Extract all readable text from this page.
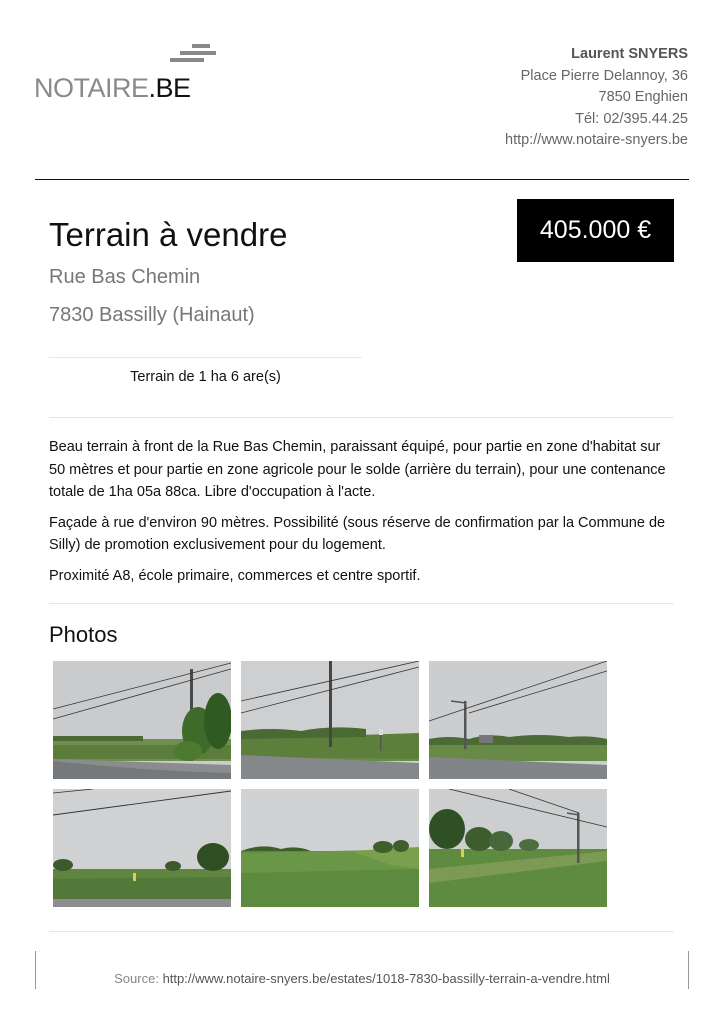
NOTAIRE.BE
Laurent SNYERS
Place Pierre Delannoy, 36
7850 Enghien
Tél: 02/395.44.25
http://www.notaire-snyers.be
Terrain à vendre
Rue Bas Chemin
7830 Bassilly (Hainaut)
405.000 €
Terrain de 1 ha 6 are(s)

Beau terrain à front de la Rue Bas Chemin, paraissant équipé, pour partie en zone d'habitat sur 50 mètres et pour partie en zone agricole pour le solde (arrière du terrain), pour une contenance totale de 1ha 05a 88ca. Libre d'occupation à l'acte.

Façade à rue d'environ 90 mètres. Possibilité (sous réserve de confirmation par la Commune de Silly) de promotion exclusivement pour du logement.

Proximité A8, école primaire, commerces et centre sportif.

Photos
Source: http://www.notaire-snyers.be/estates/1018-7830-bassilly-terrain-a-vendre.html
